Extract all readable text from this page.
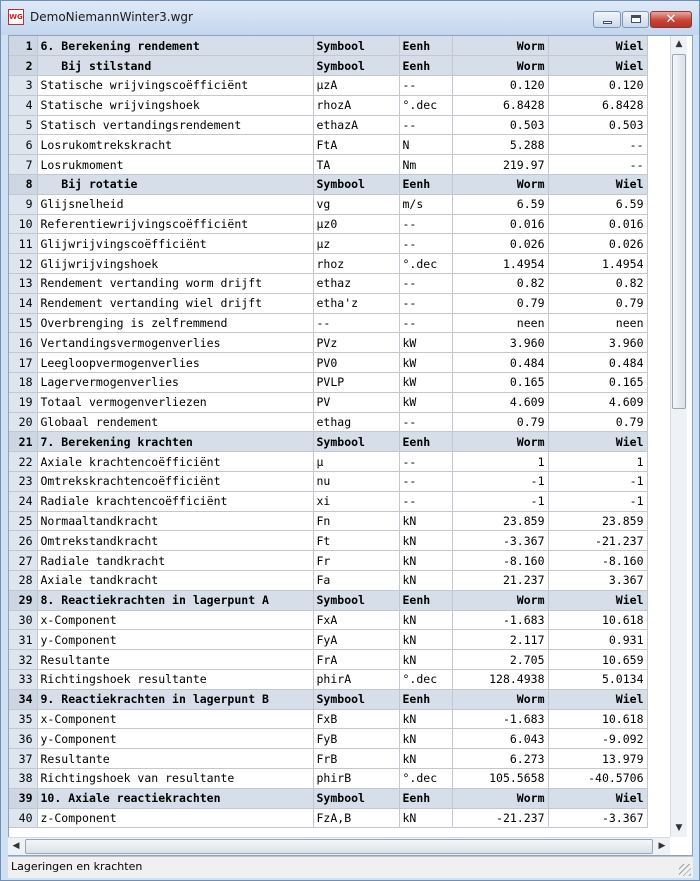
WG DemoNiemannWinter3.wgr	✕
1	6. Berekening rendement	Symbool	Eenh	Worm	Wiel
2	Bij stilstand	Symbool	Eenh	Worm	Wiel
3	Statische wrijvingscoëfficiënt	µzA	--	0.120	0.120
4	Statische wrijvingshoek	rhozA	°.dec	6.8428	6.8428
5	Statisch vertandingsrendement	ethazA	--	0.503	0.503
6	Losrukomtrekskracht	FtA	N	5.288	--
7	Losrukmoment	TA	Nm	219.97	--
8	Bij rotatie	Symbool	Eenh	Worm	Wiel
9	Glijsnelheid	vg	m/s	6.59	6.59
10	Referentiewrijvingscoëfficiënt	µz0	--	0.016	0.016
11	Glijwrijvingscoëfficiënt	µz	--	0.026	0.026
12	Glijwrijvingshoek	rhoz	°.dec	1.4954	1.4954
13	Rendement vertanding worm drijft	ethaz	--	0.82	0.82
14	Rendement vertanding wiel drijft	etha'z	--	0.79	0.79
15	Overbrenging is zelfremmend	--	--	neen	neen
16	Vertandingsvermogenverlies	PVz	kW	3.960	3.960
17	Leegloopvermogenverlies	PV0	kW	0.484	0.484
18	Lagervermogenverlies	PVLP	kW	0.165	0.165
19	Totaal vermogenverliezen	PV	kW	4.609	4.609
20	Globaal rendement	ethag	--	0.79	0.79
21	7. Berekening krachten	Symbool	Eenh	Worm	Wiel
22	Axiale krachtencoëfficiënt	µ	--	1	1
23	Omtrekskrachtencoëfficiënt	nu	--	-1	-1
24	Radiale krachtencoëfficiënt	xi	--	-1	-1
25	Normaaltandkracht	Fn	kN	23.859	23.859
26	Omtrekstandkracht	Ft	kN	-3.367	-21.237
27	Radiale tandkracht	Fr	kN	-8.160	-8.160
28	Axiale tandkracht	Fa	kN	21.237	3.367
29	8. Reactiekrachten in lagerpunt A	Symbool	Eenh	Worm	Wiel
30	x-Component	FxA	kN	-1.683	10.618
31	y-Component	FyA	kN	2.117	0.931
32	Resultante	FrA	kN	2.705	10.659
33	Richtingshoek resultante	phirA	°.dec	128.4938	5.0134
34	9. Reactiekrachten in lagerpunt B	Symbool	Eenh	Worm	Wiel
35	x-Component	FxB	kN	-1.683	10.618
36	y-Component	FyB	kN	6.043	-9.092
37	Resultante	FrB	kN	6.273	13.979
38	Richtingshoek van resultante	phirB	°.dec	105.5658	-40.5706
39	10. Axiale reactiekrachten	Symbool	Eenh	Worm	Wiel
40	z-Component	FzA,B	kN	-21.237	-3.367
▲
▼
◀	▶
Lageringen en krachten
